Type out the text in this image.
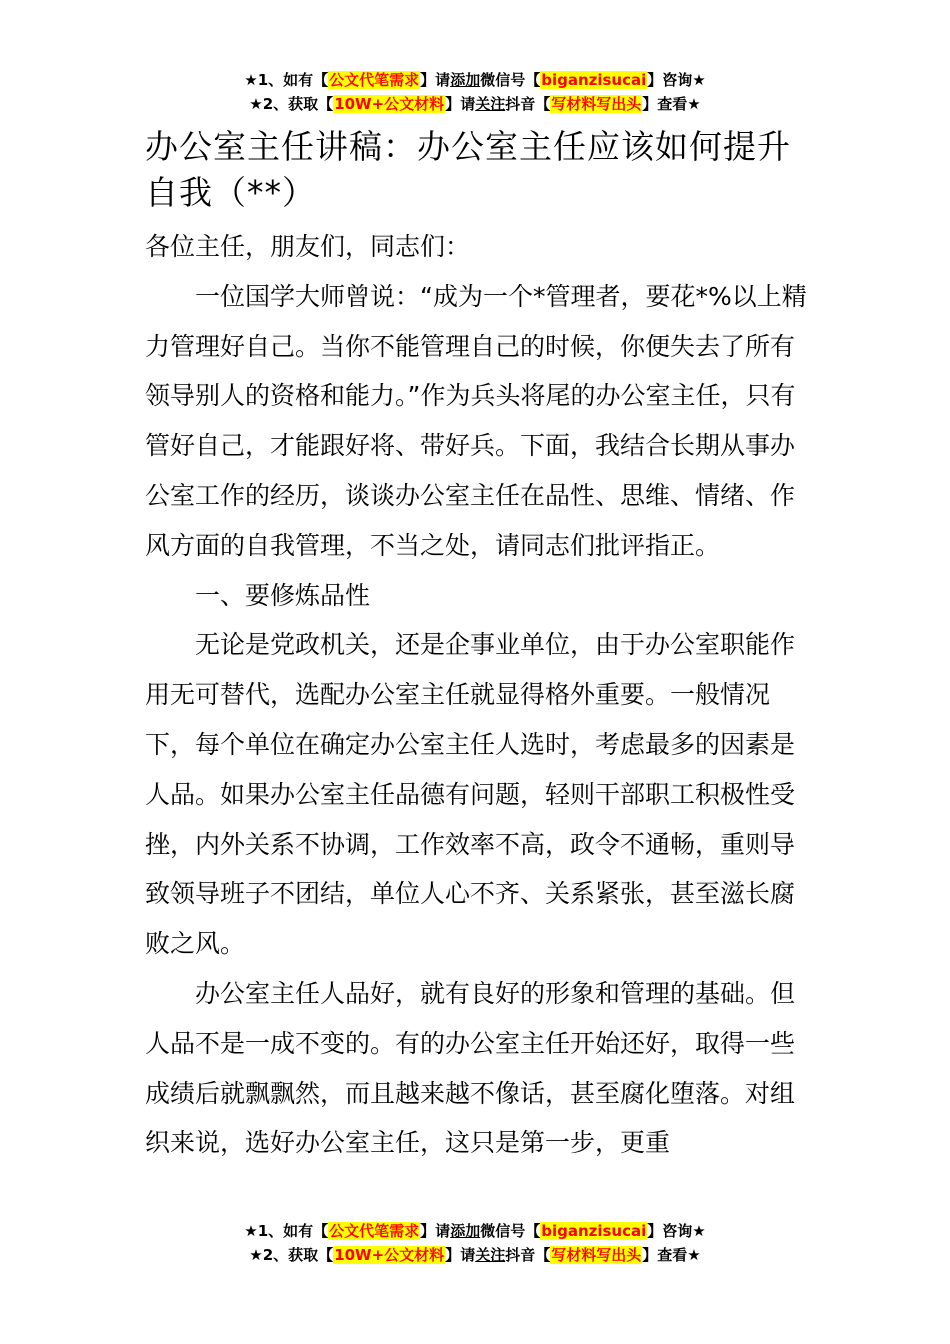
★1、如有【公文代笔需求】请添加微信号【biganzisucai】咨询★
★2、获取【10W+公文材料】请关注抖音【写材料写出头】查看★
办公室主任讲稿：办公室主任应该如何提升自我（**）

各位主任，朋友们，同志们：

一位国学大师曾说：“成为一个*管理者，要花*%以上精力管理好自己。当你不能管理自己的时候，你便失去了所有领导别人的资格和能力。”作为兵头将尾的办公室主任，只有管好自己，才能跟好将、带好兵。下面，我结合长期从事办公室工作的经历，谈谈办公室主任在品性、思维、情绪、作风方面的自我管理，不当之处，请同志们批评指正。

一、要修炼品性

无论是党政机关，还是企事业单位，由于办公室职能作用无可替代，选配办公室主任就显得格外重要。一般情况下，每个单位在确定办公室主任人选时，考虑最多的因素是人品。如果办公室主任品德有问题，轻则干部职工积极性受挫，内外关系不协调，工作效率不高，政令不通畅，重则导致领导班子不团结，单位人心不齐、关系紧张，甚至滋长腐败之风。

办公室主任人品好，就有良好的形象和管理的基础。但人品不是一成不变的。有的办公室主任开始还好，取得一些成绩后就飘飘然，而且越来越不像话，甚至腐化堕落。对组织来说，选好办公室主任，这只是第一步，更重

★1、如有【公文代笔需求】请添加微信号【biganzisucai】咨询★
★2、获取【10W+公文材料】请关注抖音【写材料写出头】查看★
